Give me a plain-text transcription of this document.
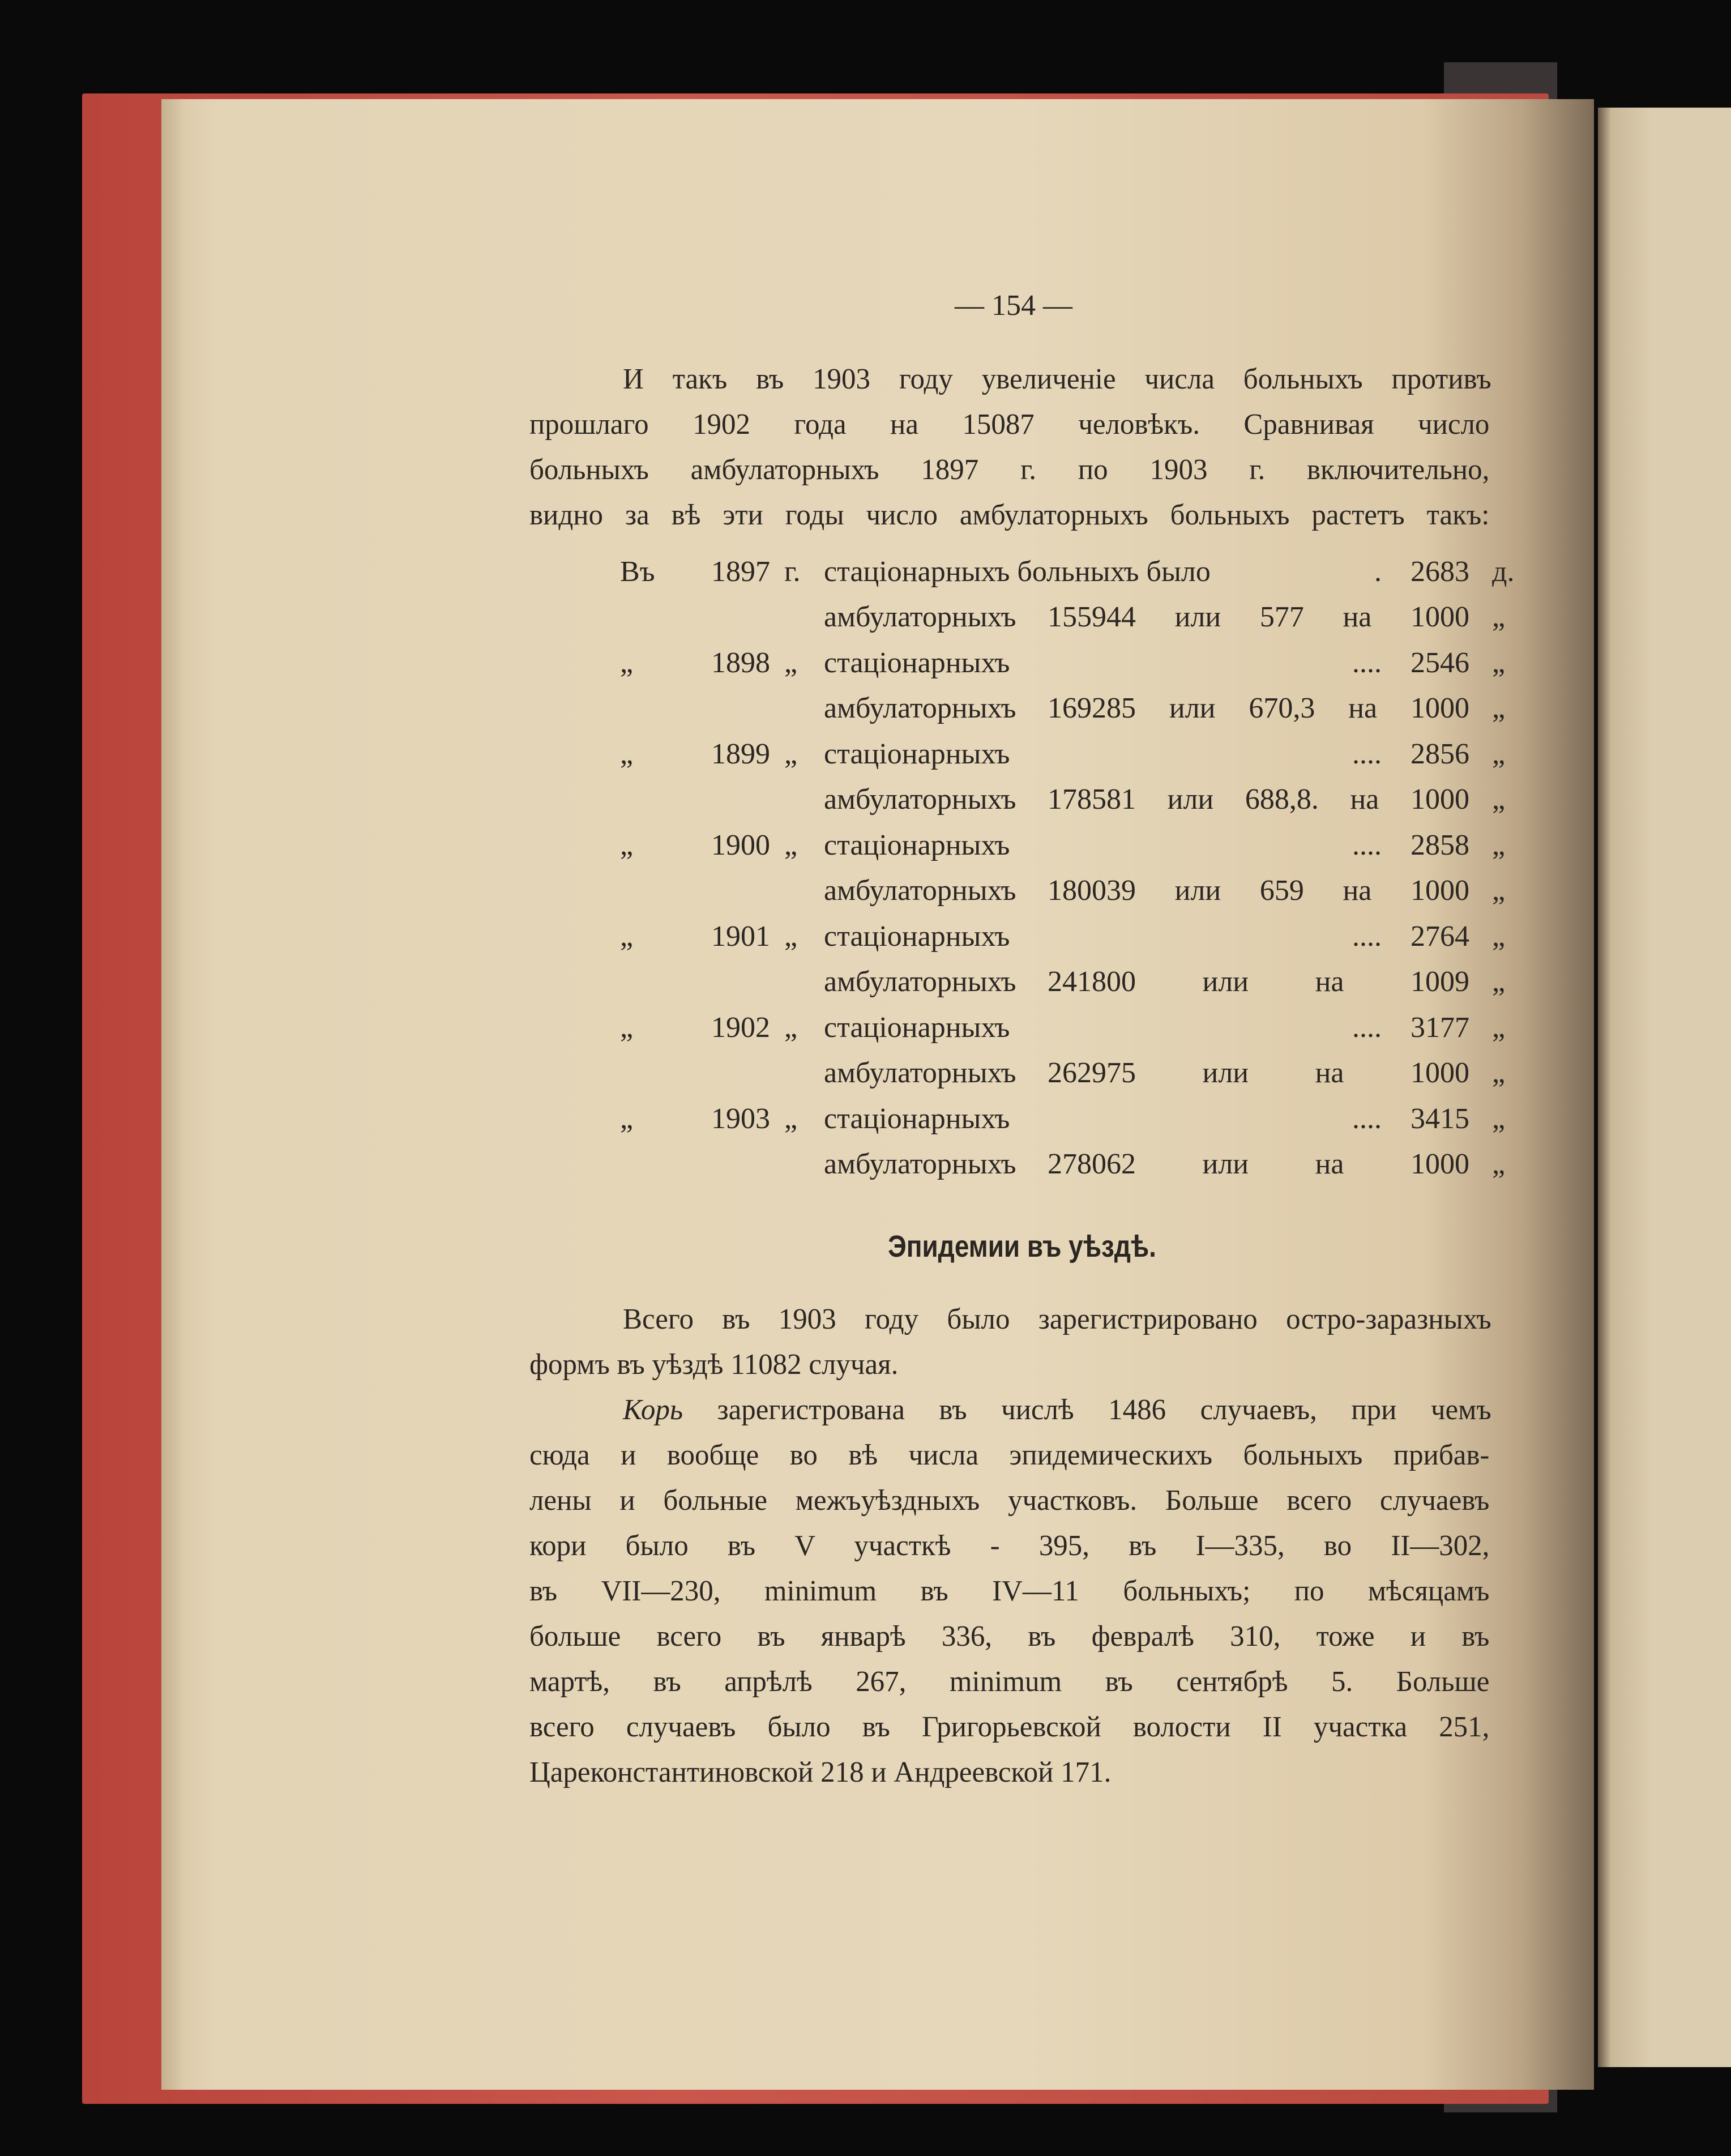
— 154 —
И такъ въ 1903 году увеличеніе числа больныхъ противъ
прошлаго 1902 года на 15087 человѣкъ. Сравнивая число
больныхъ амбулаторныхъ 1897 г. по 1903 г. включительно,
видно за вѣ эти годы число амбулаторныхъ больныхъ растетъ такъ:
Въ	1897 г. стаціонарныхъ больныхъ было	. 2683 д.
амбулаторныхъ 155944 или 577 на 1000 „
„	1898 „ стаціонарныхъ	. . . . 2546 „
амбулаторныхъ 169285 или 670,3 на 1000 „
„	1899 „ стаціонарныхъ	. . . . 2856 „
амбулаторныхъ 178581 или 688,8. на 1000 „
„	1900 „ стаціонарныхъ	. . . . 2858 „
амбулаторныхъ 180039 или 659 на 1000 „
„	1901 „ стаціонарныхъ	. . . . 2764 „
амбулаторныхъ 241800 или на 1009 „
„	1902 „ стаціонарныхъ	. . . . 3177 „
амбулаторныхъ 262975 или на 1000 „
„	1903 „ стаціонарныхъ	. . . . 3415 „
амбулаторныхъ 278062 или на 1000 „
Эпидемии въ уѣздѣ.
Всего въ 1903 году было зарегистрировано остро-заразныхъ
формъ въ уѣздѣ 11082 случая.
Корь зарегистрована въ числѣ 1486 случаевъ, при чемъ
сюда и вообще во вѣ числа эпидемическихъ больныхъ прибав-
лены и больные межъуѣздныхъ участковъ. Больше всего случаевъ
кори было въ V участкѣ - 395, въ I—335, во II—302,
въ VII—230, minimum въ IV—11 больныхъ; по мѣсяцамъ
больше всего въ январѣ 336, въ февралѣ 310, тоже и въ
мартѣ, въ апрѣлѣ 267, minimum въ сентябрѣ 5. Больше
всего случаевъ было въ Григорьевской волости II участка 251,
Цареконстантиновской 218 и Андреевской 171.
